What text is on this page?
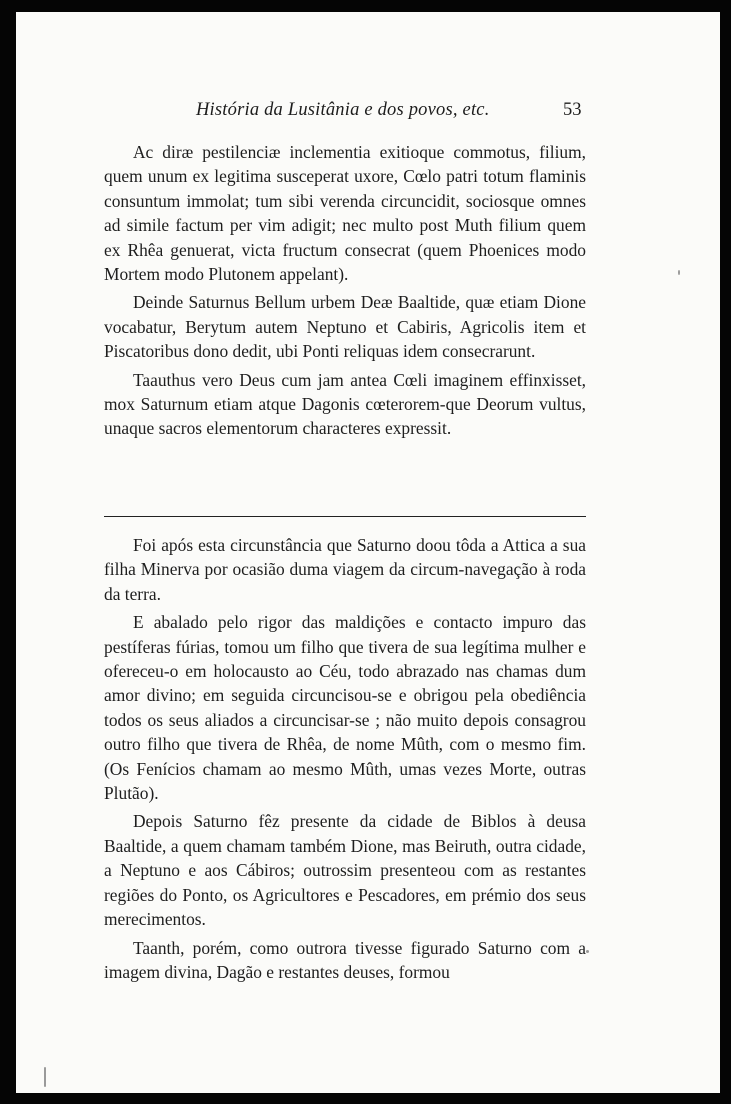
História da Lusitânia e dos povos, etc.	53

Ac diræ pestilenciæ inclementia exitioque commotus, filium, quem unum ex legitima susceperat uxore, Cœlo patri totum flaminis consuntum immolat; tum sibi verenda circuncidit, sociosque omnes ad simile factum per vim adigit; nec multo post Muth filium quem ex Rhêa genuerat, victa fructum consecrat (quem Phoenices modo Mortem modo Plutonem appelant).

Deinde Saturnus Bellum urbem Deæ Baaltide, quæ etiam Dione vocabatur, Berytum autem Neptuno et Cabiris, Agricolis item et Piscatoribus dono dedit, ubi Ponti reliquas idem consecrarunt.

Taauthus vero Deus cum jam antea Cœli imaginem effinxisset, mox Saturnum etiam atque Dagonis cœterorem-que Deorum vultus, unaque sacros elementorum characteres expressit.

Foi após esta circunstância que Saturno doou tôda a Attica a sua filha Minerva por ocasião duma viagem da circum-navegação à roda da terra.

E abalado pelo rigor das maldições e contacto impuro das pestíferas fúrias, tomou um filho que tivera de sua legítima mulher e ofereceu-o em holocausto ao Céu, todo abrazado nas chamas dum amor divino; em seguida circuncisou-se e obrigou pela obediência todos os seus aliados a circuncisar-se ; não muito depois consagrou outro filho que tivera de Rhêa, de nome Mûth, com o mesmo fim. (Os Fenícios chamam ao mesmo Mûth, umas vezes Morte, outras Plutão).

Depois Saturno fêz presente da cidade de Biblos à deusa Baaltide, a quem chamam também Dione, mas Beiruth, outra cidade, a Neptuno e aos Cábiros; outrossim presenteou com as restantes regiões do Ponto, os Agricultores e Pescadores, em prémio dos seus merecimentos.

Taanth, porém, como outrora tivesse figurado Saturno com a imagem divina, Dagão e restantes deuses, formou
